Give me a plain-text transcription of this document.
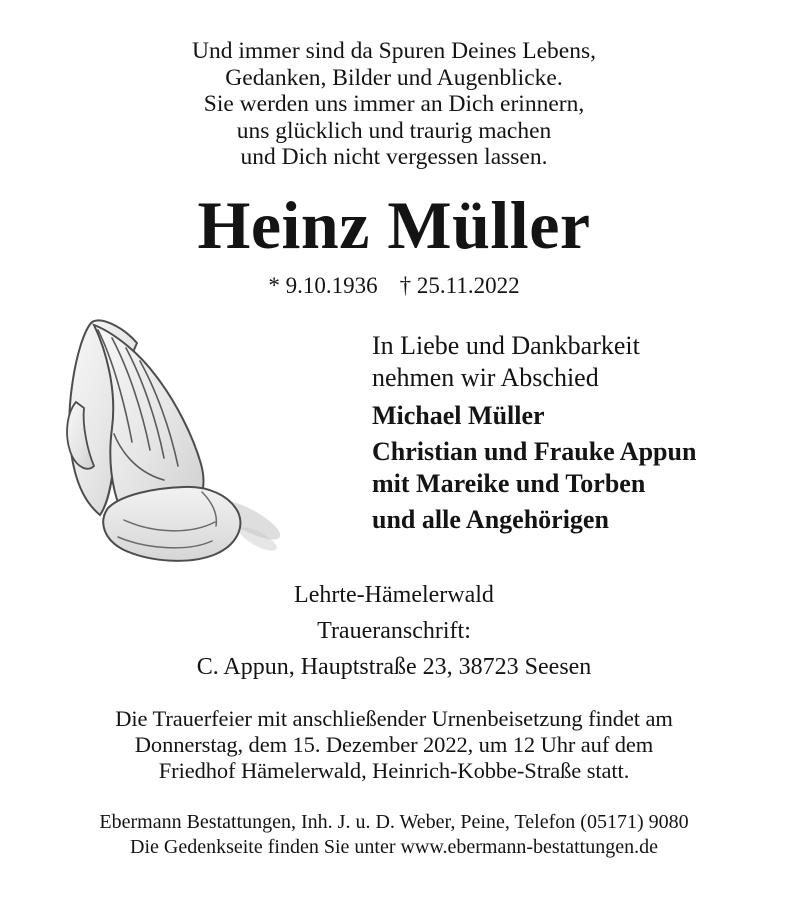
Und immer sind da Spuren Deines Lebens,
Gedanken, Bilder und Augenblicke.
Sie werden uns immer an Dich erinnern,
uns glücklich und traurig machen
und Dich nicht vergessen lassen.
Heinz Müller
* 9.10.1936 † 25.11.2022

In Liebe und Dankbarkeit

nehmen wir Abschied

Michael Müller

Christian und Frauke Appun

mit Mareike und Torben

und alle Angehörigen

Lehrte-Hämelerwald
Traueranschrift:
C. Appun, Hauptstraße 23, 38723 Seesen
Die Trauerfeier mit anschließender Urnenbeisetzung findet am
Donnerstag, dem 15. Dezember 2022, um 12 Uhr auf dem
Friedhof Hämelerwald, Heinrich-Kobbe-Straße statt.
Ebermann Bestattungen, Inh. J. u. D. Weber, Peine, Telefon (05171) 9080
Die Gedenkseite finden Sie unter www.ebermann-bestattungen.de
